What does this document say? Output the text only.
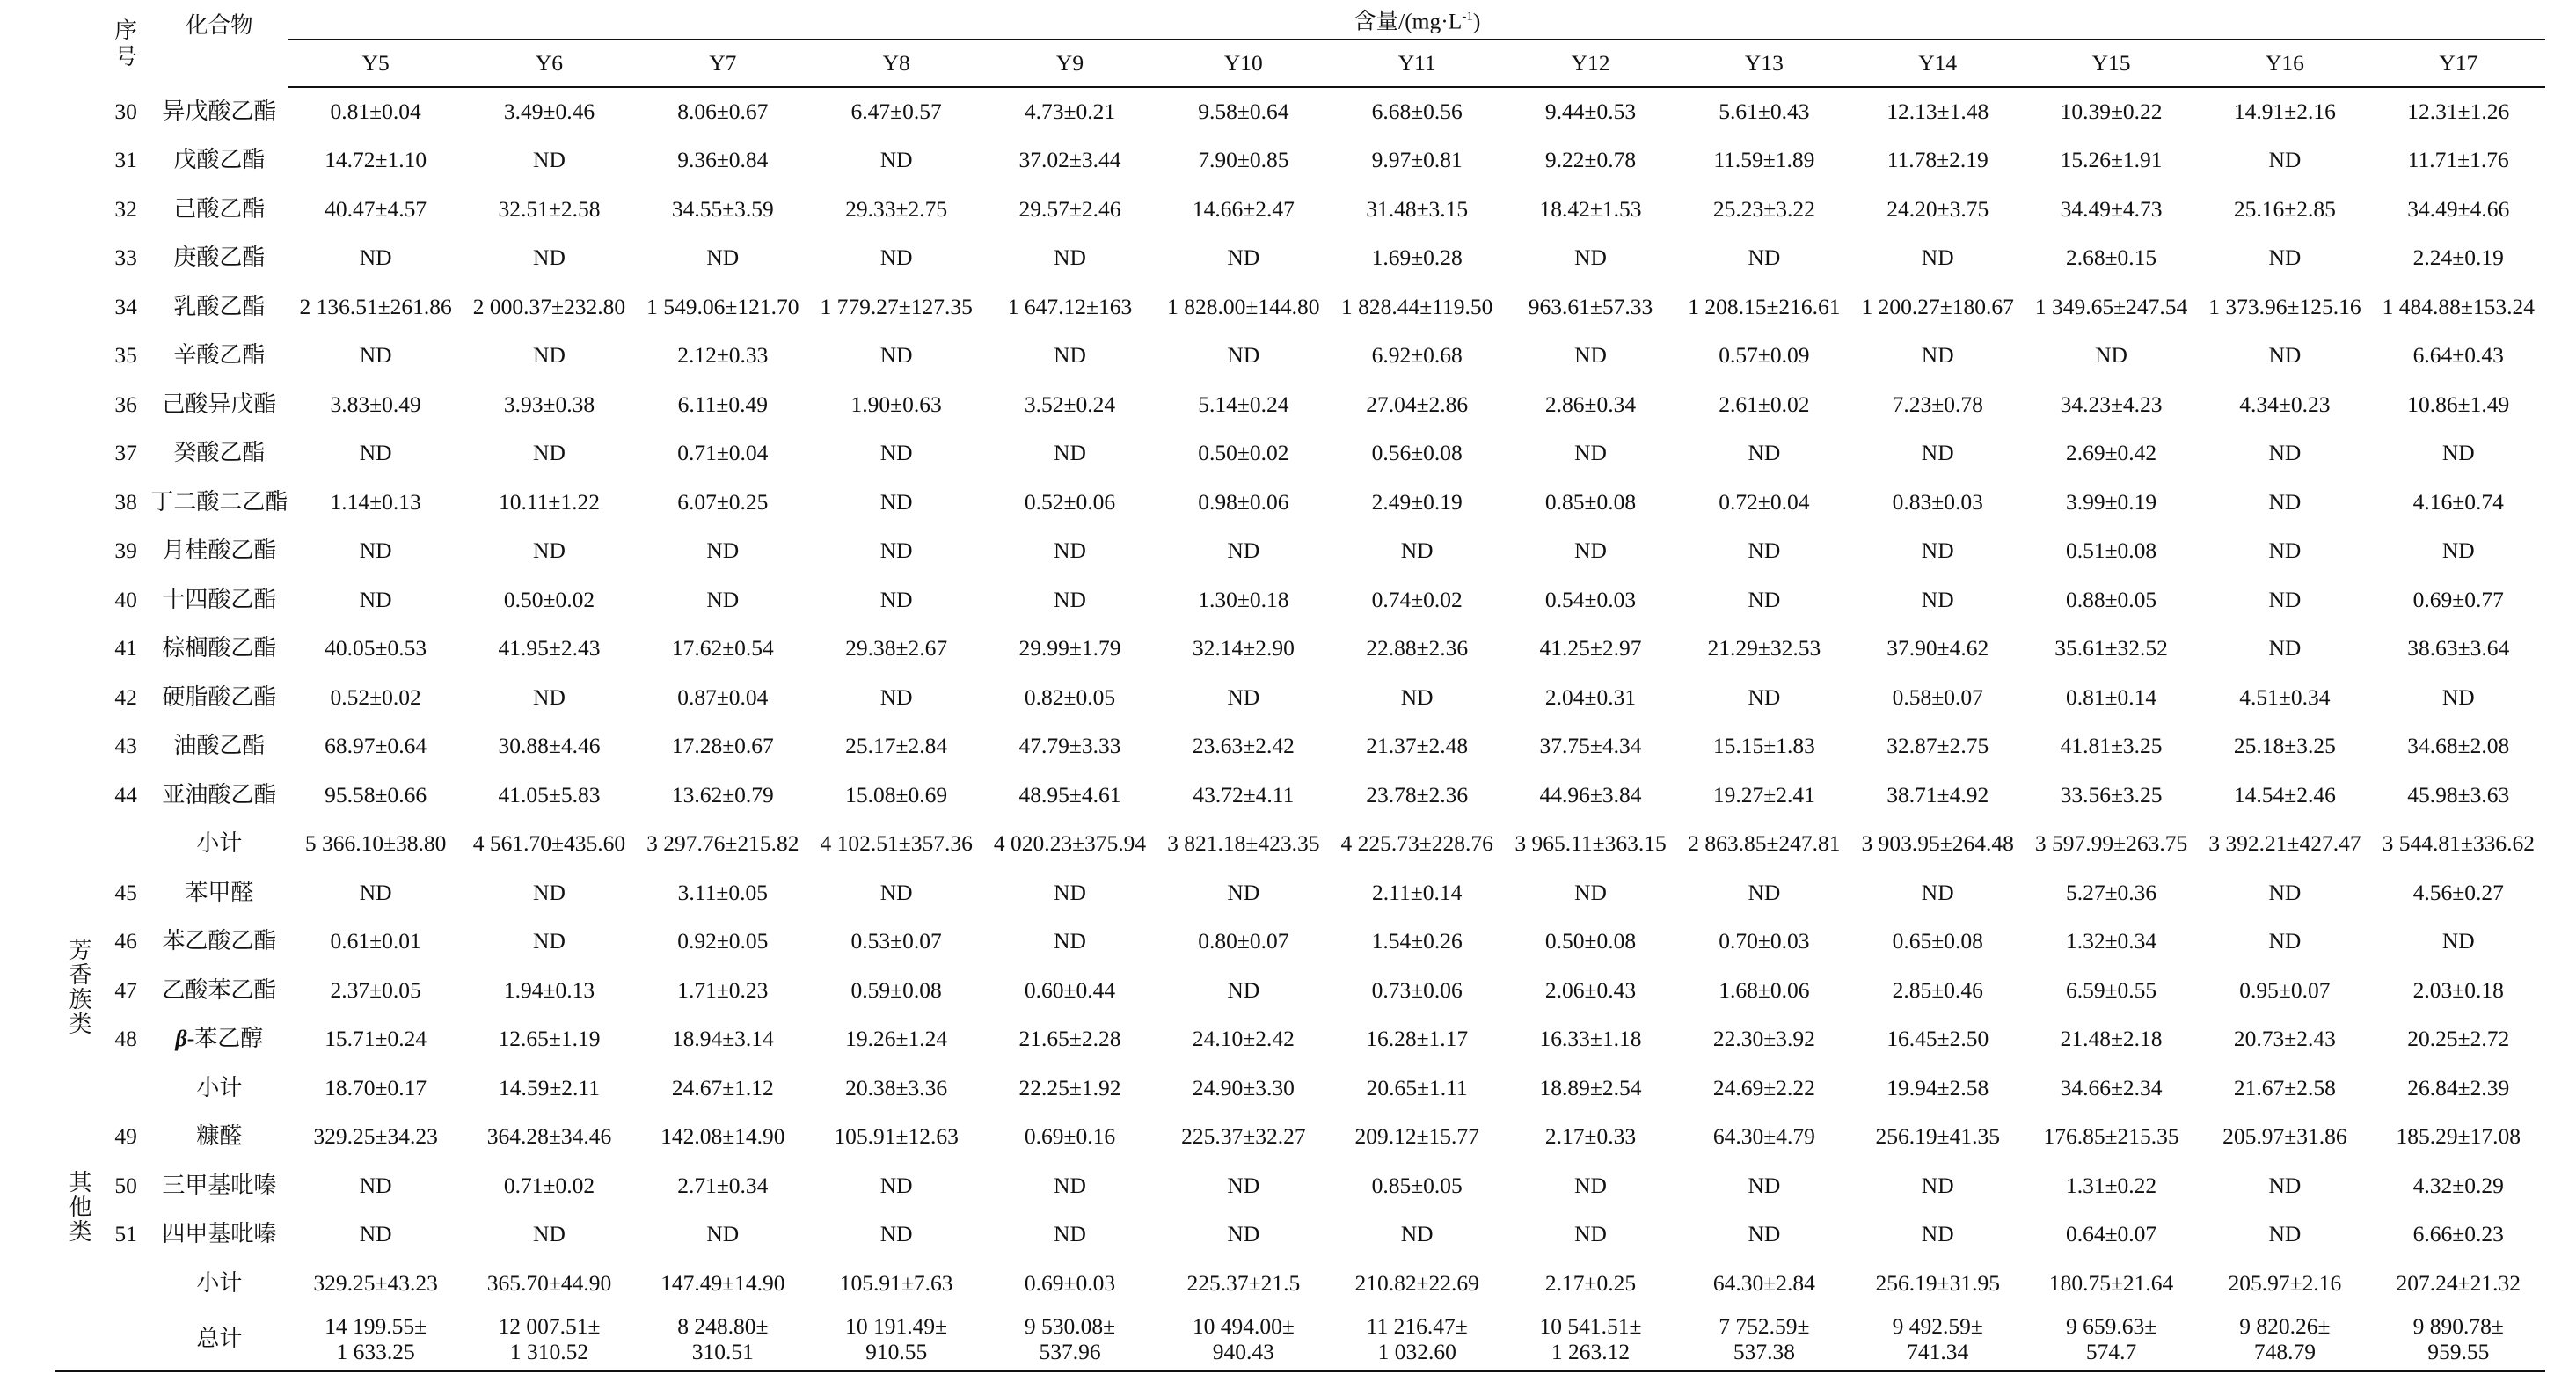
	序号	化合物	含量$/(mg\cdot L^{-1})$												
			Y5	Y6	Y7	Y8	Y9	Y10	Y11	Y12	Y13	Y14	Y15	Y16	Y17
	30	异戊酸乙酯	0.81±0.04	3.49±0.46	8.06±0.67	6.47±0.57	4.73±0.21	9.58±0.64	6.68±0.56	9.44±0.53	5.61±0.43	12.13±1.48	10.39±0.22	14.91±2.16	12.31±1.26
	31	戊酸乙酯	14.72±1.10	ND	9.36±0.84	ND	37.02±3.44	7.90±0.85	9.97±0.81	9.22±0.78	11.59±1.89	11.78±2.19	15.26±1.91	ND	11.71±1.76
	32	己酸乙酯	40.47±4.57	32.51±2.58	34.55±3.59	29.33±2.75	29.57±2.46	14.66±2.47	31.48±3.15	18.42±1.53	25.23±3.22	24.20±3.75	34.49±4.73	25.16±2.85	34.49±4.66
	33	庚酸乙酯	ND	ND	ND	ND	ND	ND	1.69±0.28	ND	ND	ND	2.68±0.15	ND	2.24±0.19
	34	乳酸乙酯	2 136.51±261.86	2 000.37±232.80	1 549.06±121.70	1 779.27±127.35	1 647.12±163	1 828.00±144.80	1 828.44±119.50	963.61±57.33	1 208.15±216.61	1 200.27±180.67	1 349.65±247.54	1 373.96±125.16	1 484.88±153.24
	35	辛酸乙酯	ND	ND	2.12±0.33	ND	ND	ND	6.92±0.68	ND	0.57±0.09	ND	ND	ND	6.64±0.43
	36	己酸异戊酯	3.83±0.49	3.93±0.38	6.11±0.49	1.90±0.63	3.52±0.24	5.14±0.24	27.04±2.86	2.86±0.34	2.61±0.02	7.23±0.78	34.23±4.23	4.34±0.23	10.86±1.49
	37	癸酸乙酯	ND	ND	0.71±0.04	ND	ND	0.50±0.02	0.56±0.08	ND	ND	ND	2.69±0.42	ND	ND
	38	丁二酸二乙酯	1.14±0.13	10.11±1.22	6.07±0.25	ND	0.52±0.06	0.98±0.06	2.49±0.19	0.85±0.08	0.72±0.04	0.83±0.03	3.99±0.19	ND	4.16±0.74
	39	月桂酸乙酯	ND	ND	ND	ND	ND	ND	ND	ND	ND	ND	0.51±0.08	ND	ND
	40	十四酸乙酯	ND	0.50±0.02	ND	ND	ND	1.30±0.18	0.74±0.02	0.54±0.03	ND	ND	0.88±0.05	ND	0.69±0.77
	41	棕榈酸乙酯	40.05±0.53	41.95±2.43	17.62±0.54	29.38±2.67	29.99±1.79	32.14±2.90	22.88±2.36	41.25±2.97	21.29±32.53	37.90±4.62	35.61±32.52	ND	38.63±3.64
	42	硬脂酸乙酯	0.52±0.02	ND	0.87±0.04	ND	0.82±0.05	ND	ND	2.04±0.31	ND	0.58±0.07	0.81±0.14	4.51±0.34	ND
	43	油酸乙酯	68.97±0.64	30.88±4.46	17.28±0.67	25.17±2.84	47.79±3.33	23.63±2.42	21.37±2.48	37.75±4.34	15.15±1.83	32.87±2.75	41.81±3.25	25.18±3.25	34.68±2.08
	44	亚油酸乙酯	95.58±0.66	41.05±5.83	13.62±0.79	15.08±0.69	48.95±4.61	43.72±4.11	23.78±2.36	44.96±3.84	19.27±2.41	38.71±4.92	33.56±3.25	14.54±2.46	45.98±3.63
		小计	5 366.10±38.80	4 561.70±435.60	3 297.76±215.82	4 102.51±357.36	4 020.23±375.94	3 821.18±423.35	4 225.73±228.76	3 965.11±363.15	2 863.85±247.81	3 903.95±264.48	3 597.99±263.75	3 392.21±427.47	3 544.81±336.62
芳香族类	45	苯甲醛	ND	ND	3.11±0.05	ND	ND	ND	2.11±0.14	ND	ND	ND	5.27±0.36	ND	4.56±0.27
	46	苯乙酸乙酯	0.61±0.01	ND	0.92±0.05	0.53±0.07	ND	0.80±0.07	1.54±0.26	0.50±0.08	0.70±0.03	0.65±0.08	1.32±0.34	ND	ND
	47	乙酸苯乙酯	2.37±0.05	1.94±0.13	1.71±0.23	0.59±0.08	0.60±0.44	ND	0.73±0.06	2.06±0.43	1.68±0.06	2.85±0.46	6.59±0.55	0.95±0.07	2.03±0.18
	48	β-苯乙醇	15.71±0.24	12.65±1.19	18.94±3.14	19.26±1.24	21.65±2.28	24.10±2.42	16.28±1.17	16.33±1.18	22.30±3.92	16.45±2.50	21.48±2.18	20.73±2.43	20.25±2.72
		小计	18.70±0.17	14.59±2.11	24.67±1.12	20.38±3.36	22.25±1.92	24.90±3.30	20.65±1.11	18.89±2.54	24.69±2.22	19.94±2.58	34.66±2.34	21.67±2.58	26.84±2.39
其他类	49	糠醛	329.25±34.23	364.28±34.46	142.08±14.90	105.91±12.63	0.69±0.16	225.37±32.27	209.12±15.77	2.17±0.33	64.30±4.79	256.19±41.35	176.85±215.35	205.97±31.86	185.29±17.08
	50	三甲基吡嗪	ND	0.71±0.02	2.71±0.34	ND	ND	ND	0.85±0.05	ND	ND	ND	1.31±0.22	ND	4.32±0.29
	51	四甲基吡嗪	ND	ND	ND	ND	ND	ND	ND	ND	ND	ND	0.64±0.07	ND	6.66±0.23
		小计	329.25±43.23	365.70±44.90	147.49±14.90	105.91±7.63	0.69±0.03	225.37±21.5	210.82±22.69	2.17±0.25	64.30±2.84	256.19±31.95	180.75±21.64	205.97±2.16	207.24±21.32
		总计	14 199.55±
1 633.25	12 007.51±
1 310.52	8 248.80±
310.51	10 191.49±
910.55	9 530.08±
537.96	10 494.00±
940.43	11 216.47±
1 032.60	10 541.51±
1 263.12	7 752.59±
537.38	9 492.59±
741.34	9 659.63±
574.7	9 820.26±
748.79	9 890.78±
959.55
